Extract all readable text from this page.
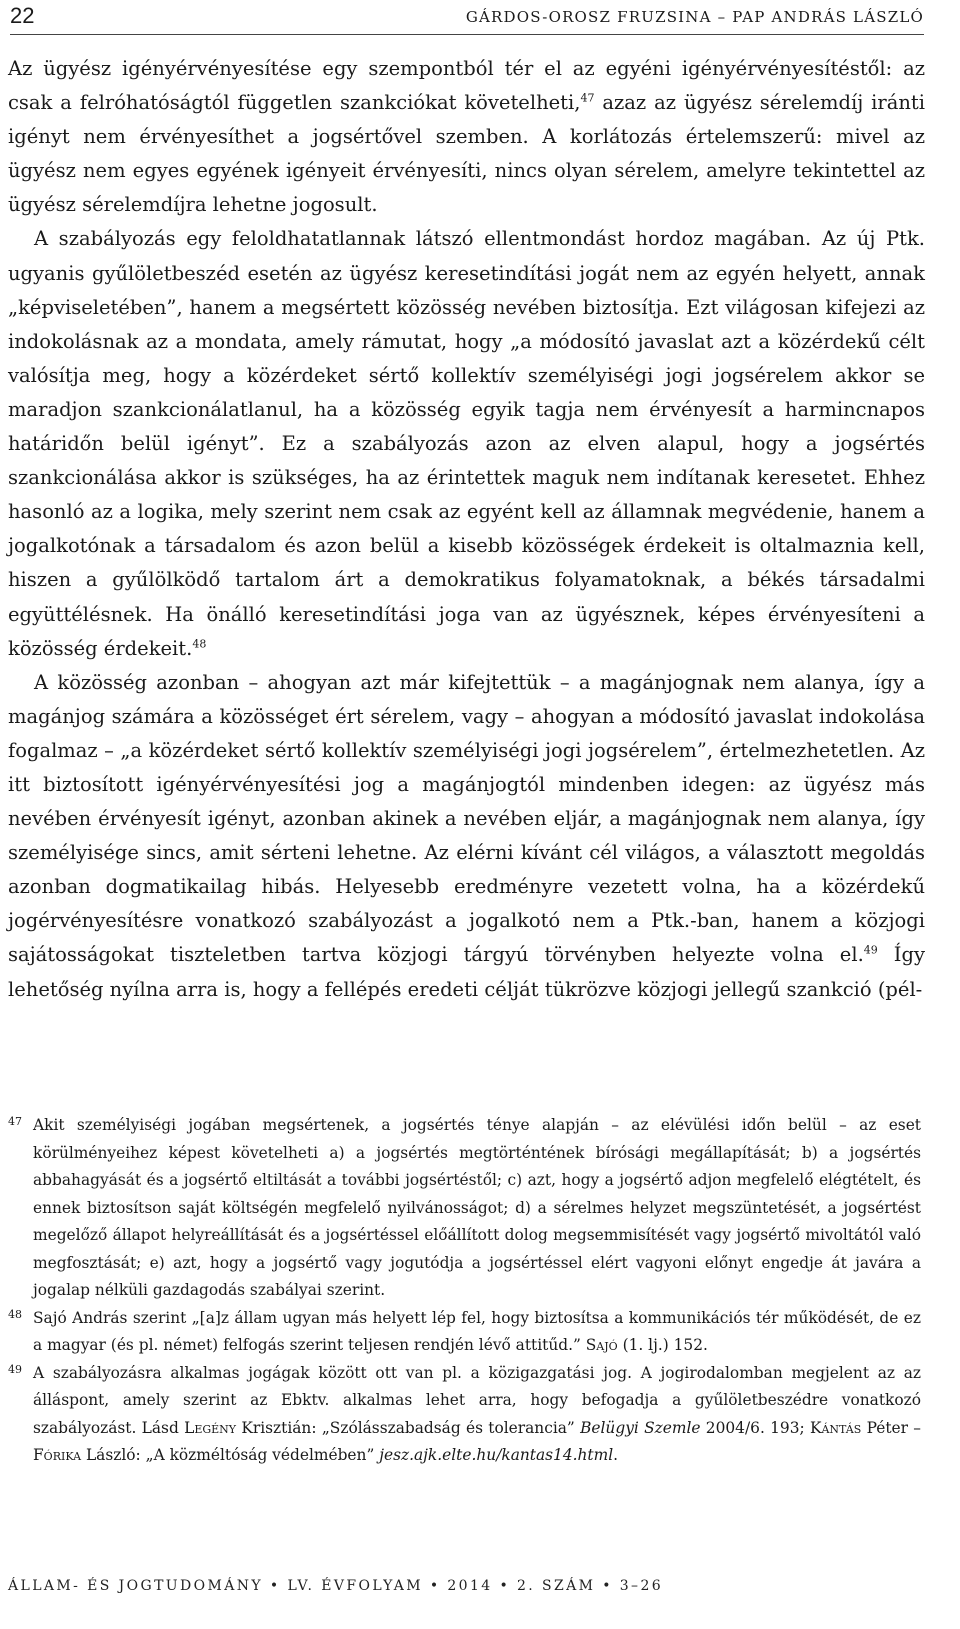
22	GÁRDOS-OROSZ FRUZSINA – PAP ANDRÁS LÁSZLÓ

Az ügyész igényérvényesítése egy szempontból tér el az egyéni igényérvényesítéstől: az csak a felróhatóságtól független szankciókat követelheti,$^{47}$ azaz az ügyész sérelemdíj iránti igényt nem érvényesíthet a jogsértővel szemben. A korlátozás értelemszerű: mivel az ügyész nem egyes egyének igényeit érvényesíti, nincs olyan sérelem, amelyre tekintettel az ügyész sérelemdíjra lehetne jogosult.

A szabályozás egy feloldhatatlannak látszó ellentmondást hordoz magában. Az új Ptk. ugyanis gyűlöletbeszéd esetén az ügyész keresetindítási jogát nem az egyén helyett, annak „képviseletében”, hanem a megsértett közösség nevében biztosítja. Ezt világosan kifejezi az indokolásnak az a mondata, amely rámutat, hogy „a módosító javaslat azt a közérdekű célt valósítja meg, hogy a közérdeket sértő kollektív személyiségi jogi jogsérelem akkor se maradjon szankcionálatlanul, ha a közösség egyik tagja nem érvényesít a harmincnapos határidőn belül igényt”. Ez a szabályozás azon az elven alapul, hogy a jogsértés szankcionálása akkor is szükséges, ha az érintettek maguk nem indítanak keresetet. Ehhez hasonló az a logika, mely szerint nem csak az egyént kell az államnak megvédenie, hanem a jogalkotónak a társadalom és azon belül a kisebb közösségek érdekeit is oltalmaznia kell, hiszen a gyűlölködő tartalom árt a demokratikus folyamatoknak, a békés társadalmi együttélésnek. Ha önálló keresetindítási joga van az ügyésznek, képes érvényesíteni a közösség érdekeit.$^{48}$

A közösség azonban – ahogyan azt már kifejtettük – a magánjognak nem alanya, így a magánjog számára a közösséget ért sérelem, vagy – ahogyan a módosító javaslat indokolása fogalmaz – „a közérdeket sértő kollektív személyiségi jogi jogsérelem”, értelmezhetetlen. Az itt biztosított igényérvényesítési jog a magánjogtól mindenben idegen: az ügyész más nevében érvényesít igényt, azonban akinek a nevében eljár, a magánjognak nem alanya, így személyisége sincs, amit sérteni lehetne. Az elérni kívánt cél világos, a választott megoldás azonban dogmatikailag hibás. Helyesebb eredményre vezetett volna, ha a közérdekű jogérvényesítésre vonatkozó szabályozást a jogalkotó nem a Ptk.-ban, hanem a közjogi sajátosságokat tiszteletben tartva közjogi tárgyú törvényben helyezte volna el.$^{49}$ Így lehetőség nyílna arra is, hogy a fellépés eredeti célját tükrözve közjogi jellegű szankció (pél-

47 Akit személyiségi jogában megsértenek, a jogsértés ténye alapján – az elévülési időn belül – az eset körülményeihez képest követelheti a) a jogsértés megtörténtének bírósági megállapítását; b) a jogsértés abbahagyását és a jogsértő eltiltását a további jogsértéstől; c) azt, hogy a jogsértő adjon megfelelő elégtételt, és ennek biztosítson saját költségén megfelelő nyilvánosságot; d) a sérelmes helyzet megszüntetését, a jogsértést megelőző állapot helyreállítását és a jogsértéssel előállított dolog megsemmisítését vagy jogsértő mivoltától való megfosztását; e) azt, hogy a jogsértő vagy jogutódja a jogsértéssel elért vagyoni előnyt engedje át javára a jogalap nélküli gazdagodás szabályai szerint.

48 Sajó András szerint „[a]z állam ugyan más helyett lép fel, hogy biztosítsa a kommunikációs tér működését, de ez a magyar (és pl. német) felfogás szerint teljesen rendjén lévő attitűd.” Sajó (1. lj.) 152.

49 A szabályozásra alkalmas jogágak között ott van pl. a közigazgatási jog. A jogirodalomban megjelent az az álláspont, amely szerint az Ebktv. alkalmas lehet arra, hogy befogadja a gyűlöletbeszédre vonatkozó szabályozást. Lásd Legény Krisztián: „Szólásszabadság és tolerancia” Belügyi Szemle 2004/6. 193; Kántás Péter – Fórika László: „A közméltóság védelmében” jesz.ajk.elte.hu/kantas14.html.

ÁLLAM- ÉS JOGTUDOMÁNY • LV. ÉVFOLYAM • 2014 • 2. SZÁM • 3–26
